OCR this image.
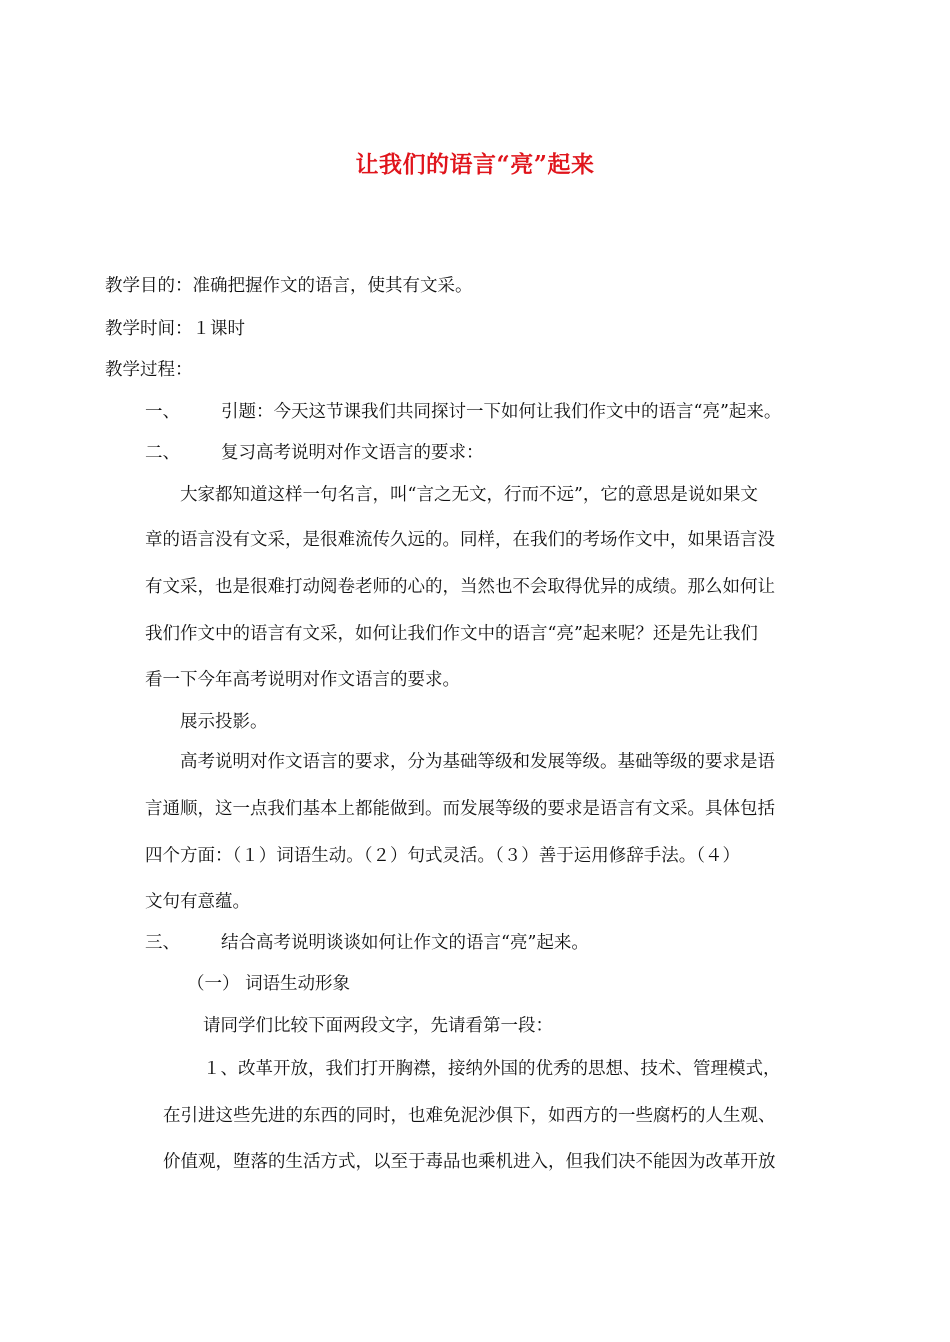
让我们的语言“亮”起来
教学目的：准确把握作文的语言，使其有文采。
教学时间：１课时
教学过程：
一、 引题：今天这节课我们共同探讨一下如何让我们作文中的语言“亮”起来。
二、 复习高考说明对作文语言的要求：
大家都知道这样一句名言，叫“言之无文，行而不远”，它的意思是说如果文
章的语言没有文采，是很难流传久远的。同样，在我们的考场作文中，如果语言没
有文采，也是很难打动阅卷老师的心的，当然也不会取得优异的成绩。那么如何让
我们作文中的语言有文采，如何让我们作文中的语言“亮”起来呢？还是先让我们
看一下今年高考说明对作文语言的要求。
展示投影。
高考说明对作文语言的要求，分为基础等级和发展等级。基础等级的要求是语
言通顺，这一点我们基本上都能做到。而发展等级的要求是语言有文采。具体包括
四个方面：（１）词语生动。（２）句式灵活。（３）善于运用修辞手法。（４）
文句有意蕴。
三、 结合高考说明谈谈如何让作文的语言“亮”起来。
（一） 词语生动形象
请同学们比较下面两段文字，先请看第一段：
１、改革开放，我们打开胸襟，接纳外国的优秀的思想、技术、管理模式，
在引进这些先进的东西的同时，也难免泥沙俱下，如西方的一些腐朽的人生观、
价值观，堕落的生活方式，以至于毒品也乘机进入，但我们决不能因为改革开放
